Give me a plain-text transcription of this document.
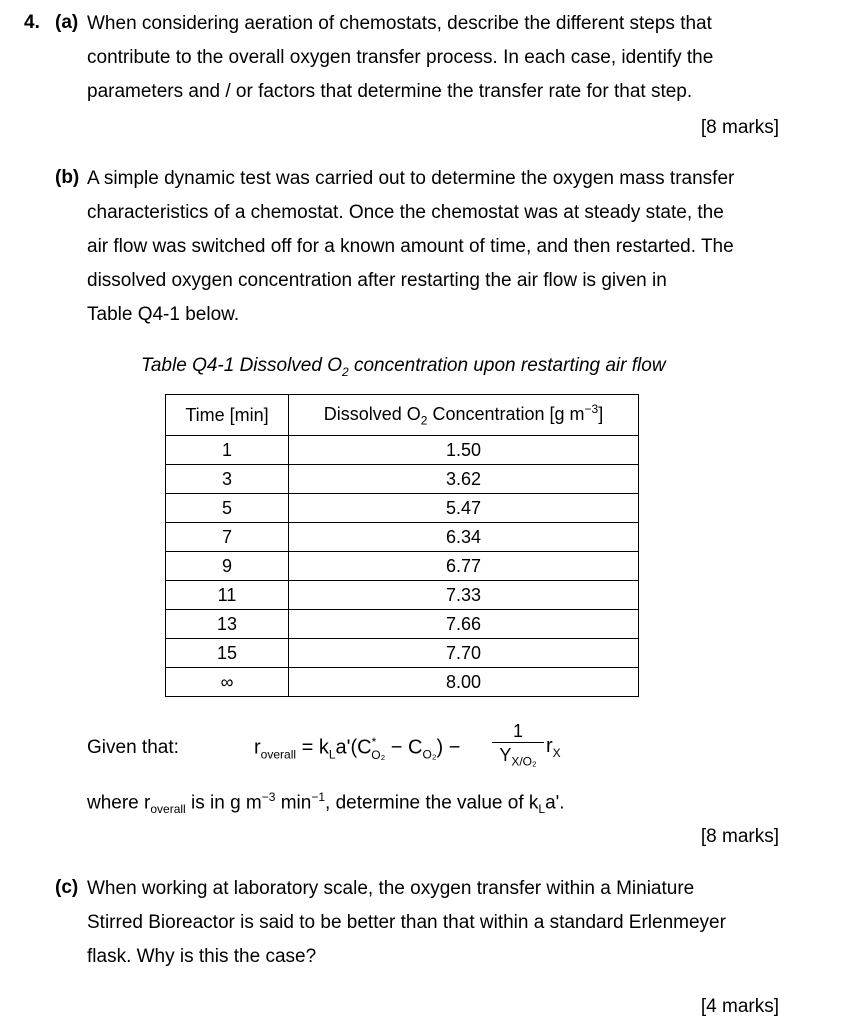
4. (a) When considering aeration of chemostats, describe the different steps that
contribute to the overall oxygen transfer process. In each case, identify the
parameters and / or factors that determine the transfer rate for that step.
[8 marks]
(b) A simple dynamic test was carried out to determine the oxygen mass transfer
characteristics of a chemostat. Once the chemostat was at steady state, the
air flow was switched off for a known amount of time, and then restarted. The
dissolved oxygen concentration after restarting the air flow is given in
Table Q4-1 below.
Table Q4-1 Dissolved $O_2$ concentration upon restarting air flow
Time [min]	Dissolved $O_2$ Concentration [g $m^{-3}$]
1	1.50
3	3.62
5	5.47
7	6.34
9	6.77
11	7.33
13	7.66
15	7.70
∞	8.00
Given that:	$r_{overall} = k_La'(C^*_{O_2} - C_{O_2})$ −
1
$Y_{X/O_2}$
$r_X$
where $r_{overall}$ is in g $m^{-3}$ $\min^{-1}$, determine the value of $k_La'$.
[8 marks]
(c) When working at laboratory scale, the oxygen transfer within a Miniature
Stirred Bioreactor is said to be better than that within a standard Erlenmeyer
flask. Why is this the case?
[4 marks]
